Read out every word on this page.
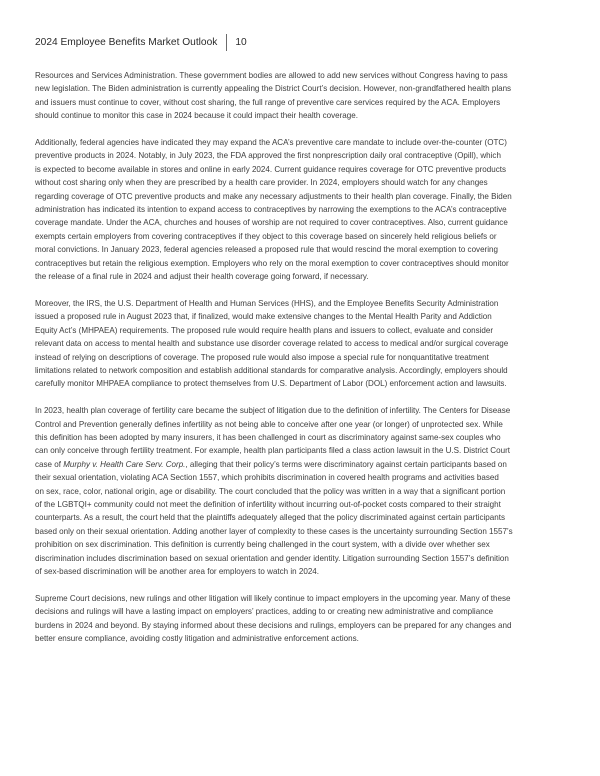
2024 Employee Benefits Market Outlook 10

Resources and Services Administration. These government bodies are allowed to add new services without Congress having to pass
new legislation. The Biden administration is currently appealing the District Court’s decision. However, non-grandfathered health plans
and issuers must continue to cover, without cost sharing, the full range of preventive care services required by the ACA. Employers
should continue to monitor this case in 2024 because it could impact their health coverage.

Additionally, federal agencies have indicated they may expand the ACA’s preventive care mandate to include over-the-counter (OTC)
preventive products in 2024. Notably, in July 2023, the FDA approved the first nonprescription daily oral contraceptive (Opill), which
is expected to become available in stores and online in early 2024. Current guidance requires coverage for OTC preventive products
without cost sharing only when they are prescribed by a health care provider. In 2024, employers should watch for any changes
regarding coverage of OTC preventive products and make any necessary adjustments to their health plan coverage. Finally, the Biden
administration has indicated its intention to expand access to contraceptives by narrowing the exemptions to the ACA’s contraceptive
coverage mandate. Under the ACA, churches and houses of worship are not required to cover contraceptives. Also, current guidance
exempts certain employers from covering contraceptives if they object to this coverage based on sincerely held religious beliefs or
moral convictions. In January 2023, federal agencies released a proposed rule that would rescind the moral exemption to covering
contraceptives but retain the religious exemption. Employers who rely on the moral exemption to cover contraceptives should monitor
the release of a final rule in 2024 and adjust their health coverage going forward, if necessary.

Moreover, the IRS, the U.S. Department of Health and Human Services (HHS), and the Employee Benefits Security Administration
issued a proposed rule in August 2023 that, if finalized, would make extensive changes to the Mental Health Parity and Addiction
Equity Act’s (MHPAEA) requirements. The proposed rule would require health plans and issuers to collect, evaluate and consider
relevant data on access to mental health and substance use disorder coverage related to access to medical and/or surgical coverage
instead of relying on descriptions of coverage. The proposed rule would also impose a special rule for nonquantitative treatment
limitations related to network composition and establish additional standards for comparative analysis. Accordingly, employers should
carefully monitor MHPAEA compliance to protect themselves from U.S. Department of Labor (DOL) enforcement action and lawsuits.

In 2023, health plan coverage of fertility care became the subject of litigation due to the definition of infertility. The Centers for Disease
Control and Prevention generally defines infertility as not being able to conceive after one year (or longer) of unprotected sex. While
this definition has been adopted by many insurers, it has been challenged in court as discriminatory against same-sex couples who
can only conceive through fertility treatment. For example, health plan participants filed a class action lawsuit in the U.S. District Court
case of Murphy v. Health Care Serv. Corp., alleging that their policy’s terms were discriminatory against certain participants based on
their sexual orientation, violating ACA Section 1557, which prohibits discrimination in covered health programs and activities based
on sex, race, color, national origin, age or disability. The court concluded that the policy was written in a way that a significant portion
of the LGBTQI+ community could not meet the definition of infertility without incurring out-of-pocket costs compared to their straight
counterparts. As a result, the court held that the plaintiffs adequately alleged that the policy discriminated against certain participants
based only on their sexual orientation. Adding another layer of complexity to these cases is the uncertainty surrounding Section 1557’s
prohibition on sex discrimination. This definition is currently being challenged in the court system, with a divide over whether sex
discrimination includes discrimination based on sexual orientation and gender identity. Litigation surrounding Section 1557’s definition
of sex-based discrimination will be another area for employers to watch in 2024.

Supreme Court decisions, new rulings and other litigation will likely continue to impact employers in the upcoming year. Many of these
decisions and rulings will have a lasting impact on employers’ practices, adding to or creating new administrative and compliance
burdens in 2024 and beyond. By staying informed about these decisions and rulings, employers can be prepared for any changes and
better ensure compliance, avoiding costly litigation and administrative enforcement actions.
